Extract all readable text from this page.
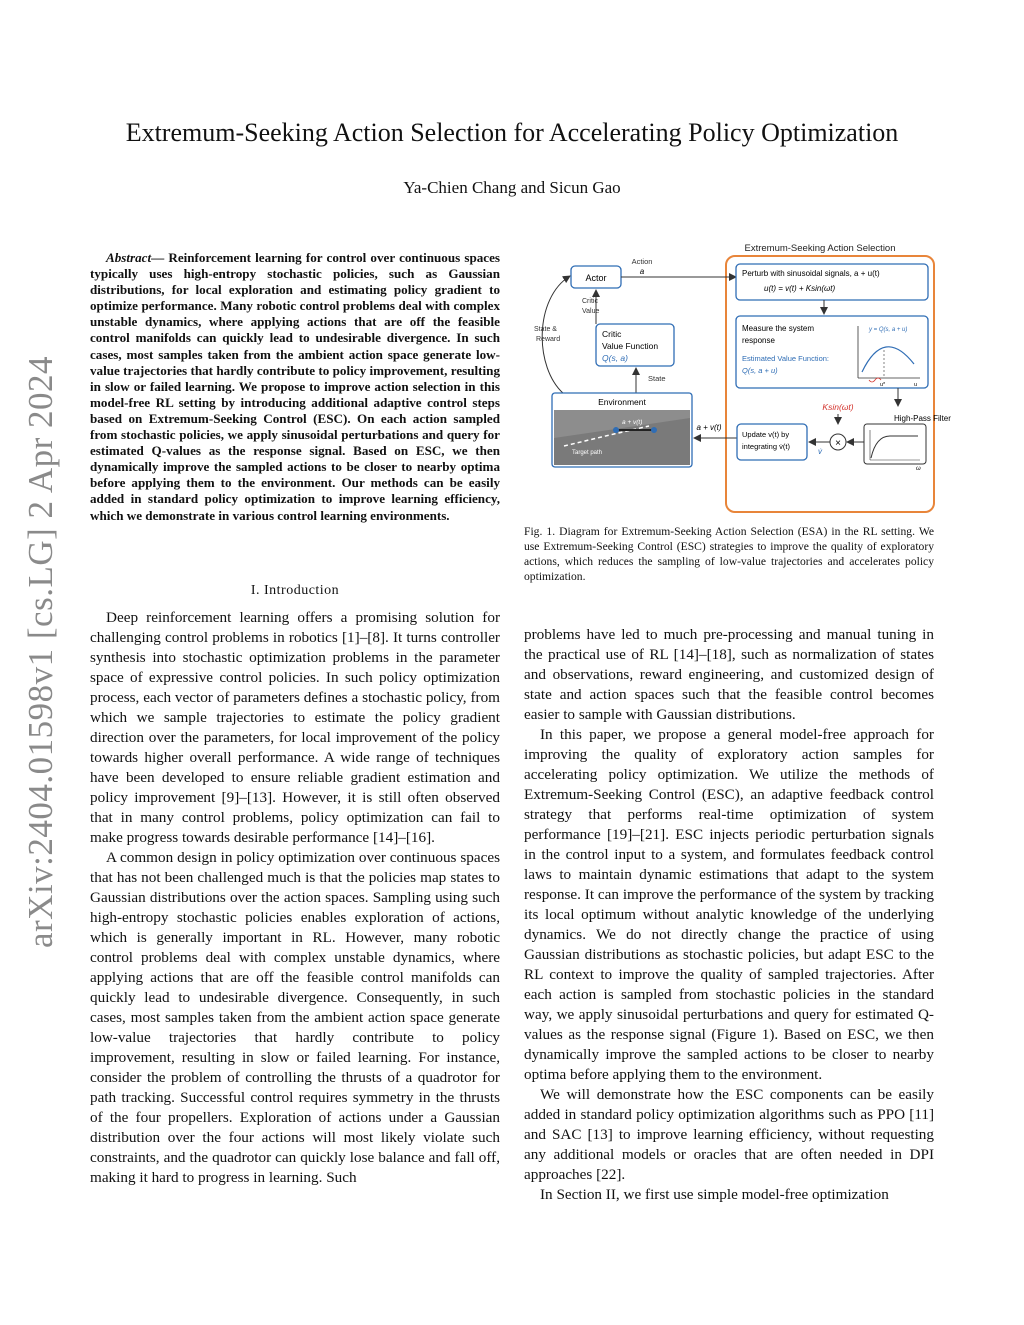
arXiv:2404.01598v1 [cs.LG] 2 Apr 2024
Extremum-Seeking Action Selection for Accelerating Policy Optimization
Ya-Chien Chang and Sicun Gao
Abstract— Reinforcement learning for control over continuous spaces typically uses high-entropy stochastic policies, such as Gaussian distributions, for local exploration and estimating policy gradient to optimize performance. Many robotic control problems deal with complex unstable dynamics, where applying actions that are off the feasible control manifolds can quickly lead to undesirable divergence. In such cases, most samples taken from the ambient action space generate low-value trajectories that hardly contribute to policy improvement, resulting in slow or failed learning. We propose to improve action selection in this model-free RL setting by introducing additional adaptive control steps based on Extremum-Seeking Control (ESC). On each action sampled from stochastic policies, we apply sinusoidal perturbations and query for estimated Q-values as the response signal. Based on ESC, we then dynamically improve the sampled actions to be closer to nearby optima before applying them to the environment. Our methods can be easily added in standard policy optimization to improve learning efficiency, which we demonstrate in various control learning environments.
I. Introduction

Deep reinforcement learning offers a promising solution for challenging control problems in robotics [1]–[8]. It turns controller synthesis into stochastic optimization problems in the parameter space of expressive control policies. In such policy optimization process, each vector of parameters defines a stochastic policy, from which we sample trajectories to estimate the policy gradient direction over the parameters, for local improvement of the policy towards higher overall performance. A wide range of techniques have been developed to ensure reliable gradient estimation and policy improvement [9]–[13]. However, it is still often observed that in many control problems, policy optimization can fail to make progress towards desirable performance [14]–[16].

A common design in policy optimization over continuous spaces that has not been challenged much is that the policies map states to Gaussian distributions over the action spaces. Sampling using such high-entropy stochastic policies enables exploration of actions, which is generally important in RL. However, many robotic control problems deal with complex unstable dynamics, where applying actions that are off the feasible control manifolds can quickly lead to undesirable divergence. Consequently, in such cases, most samples taken from the ambient action space generate low-value trajectories that hardly contribute to policy improvement, resulting in slow or failed learning. For instance, consider the problem of controlling the thrusts of a quadrotor for path tracking. Successful control requires symmetry in the thrusts of the four propellers. Exploration of actions under a Gaussian distribution over the four actions will most likely violate such constraints, and the quadrotor can quickly lose balance and fall off, making it hard to progress in learning. Such

problems have led to much pre-processing and manual tuning in the practical use of RL [14]–[18], such as normalization of states and observations, reward engineering, and customized design of state and action spaces such that the feasible control becomes easier to sample with Gaussian distributions.

In this paper, we propose a general model-free approach for improving the quality of exploratory action samples for accelerating policy optimization. We utilize the methods of Extremum-Seeking Control (ESC), an adaptive feedback control strategy that performs real-time optimization of system performance [19]–[21]. ESC injects periodic perturbation signals in the control input to a system, and formulates feedback control laws to maintain dynamic estimations that adapt to the system response. It can improve the performance of the system by tracking its local optimum without analytic knowledge of the underlying dynamics. We do not directly change the practice of using Gaussian distributions as stochastic policies, but adapt ESC to the RL context to improve the quality of sampled trajectories. After each action is sampled from stochastic policies in the standard way, we apply sinusoidal perturbations and query for estimated Q-values as the response signal (Figure 1). Based on ESC, we then dynamically improve the sampled actions to be closer to nearby optima before applying them to the environment.

We will demonstrate how the ESC components can be easily added in standard policy optimization algorithms such as PPO [11] and SAC [13] to improve learning efficiency, without requesting any additional models or oracles that are often needed in DPI approaches [22].

In Section II, we first use simple model-free optimization

Extremum-Seeking Action Selection
Actor
Action
a
Critic
Value
Critic
Value Function
Q(s, a)
State &
Reward
State
Environment
Target path
a + v(t)
a + v(t)
Perturb with sinusoidal signals, a + u(t)
u(t) = v(t) + Ksin(ωt)
Measure the system
response
Estimated Value Function:
Q(s, a + u)
y = Q(s, a + u)
u*	u
Ksin(ωt)
High-Pass Filter
ω
×
v̇
Update v(t) by
integrating v̇(t)
Fig. 1. Diagram for Extremum-Seeking Action Selection (ESA) in the RL setting. We use Extremum-Seeking Control (ESC) strategies to improve the quality of exploratory actions, which reduces the sampling of low-value trajectories and accelerates policy optimization.
